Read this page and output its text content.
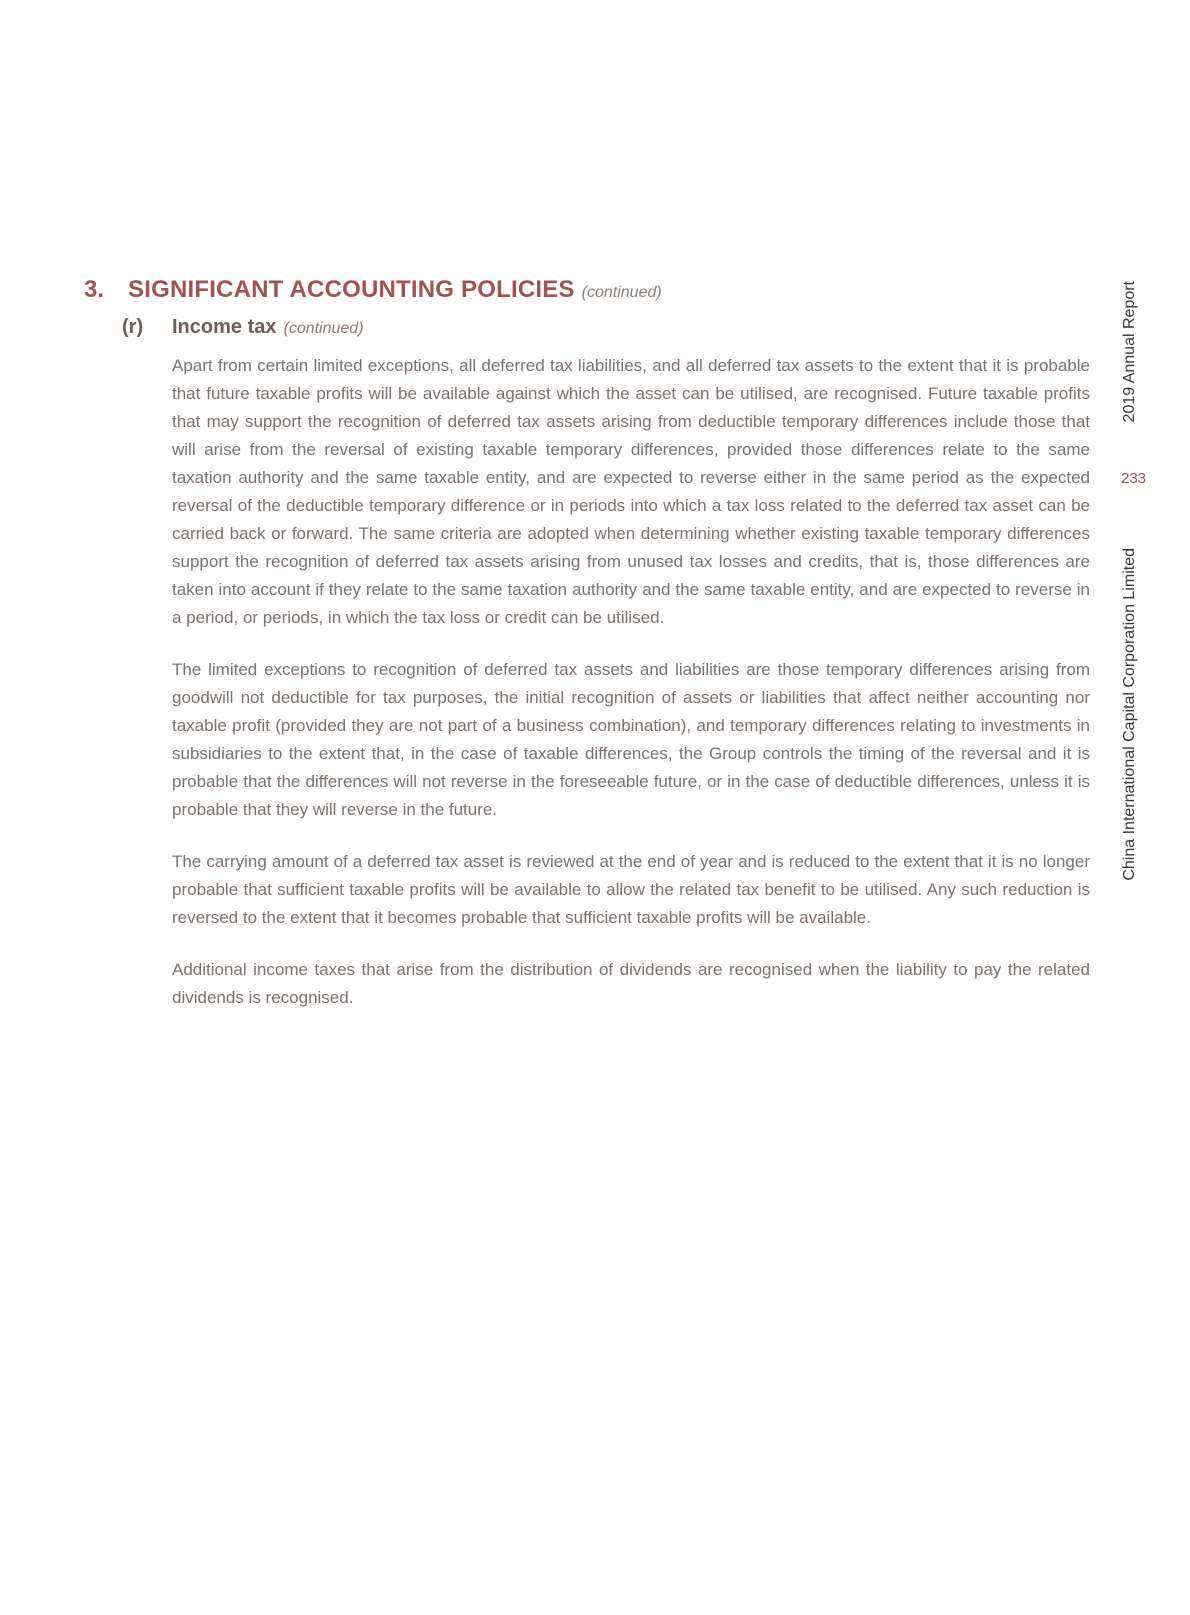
3. SIGNIFICANT ACCOUNTING POLICIES (continued)
(r) Income tax (continued)

Apart from certain limited exceptions, all deferred tax liabilities, and all deferred tax assets to the extent that it is probable that future taxable profits will be available against which the asset can be utilised, are recognised. Future taxable profits that may support the recognition of deferred tax assets arising from deductible temporary differences include those that will arise from the reversal of existing taxable temporary differences, provided those differences relate to the same taxation authority and the same taxable entity, and are expected to reverse either in the same period as the expected reversal of the deductible temporary difference or in periods into which a tax loss related to the deferred tax asset can be carried back or forward. The same criteria are adopted when determining whether existing taxable temporary differences support the recognition of deferred tax assets arising from unused tax losses and credits, that is, those differences are taken into account if they relate to the same taxation authority and the same taxable entity, and are expected to reverse in a period, or periods, in which the tax loss or credit can be utilised.

The limited exceptions to recognition of deferred tax assets and liabilities are those temporary differences arising from goodwill not deductible for tax purposes, the initial recognition of assets or liabilities that affect neither accounting nor taxable profit (provided they are not part of a business combination), and temporary differences relating to investments in subsidiaries to the extent that, in the case of taxable differences, the Group controls the timing of the reversal and it is probable that the differences will not reverse in the foreseeable future, or in the case of deductible differences, unless it is probable that they will reverse in the future.

The carrying amount of a deferred tax asset is reviewed at the end of year and is reduced to the extent that it is no longer probable that sufficient taxable profits will be available to allow the related tax benefit to be utilised. Any such reduction is reversed to the extent that it becomes probable that sufficient taxable profits will be available.

Additional income taxes that arise from the distribution of dividends are recognised when the liability to pay the related dividends is recognised.

2019 Annual Report
233
China International Capital Corporation Limited
